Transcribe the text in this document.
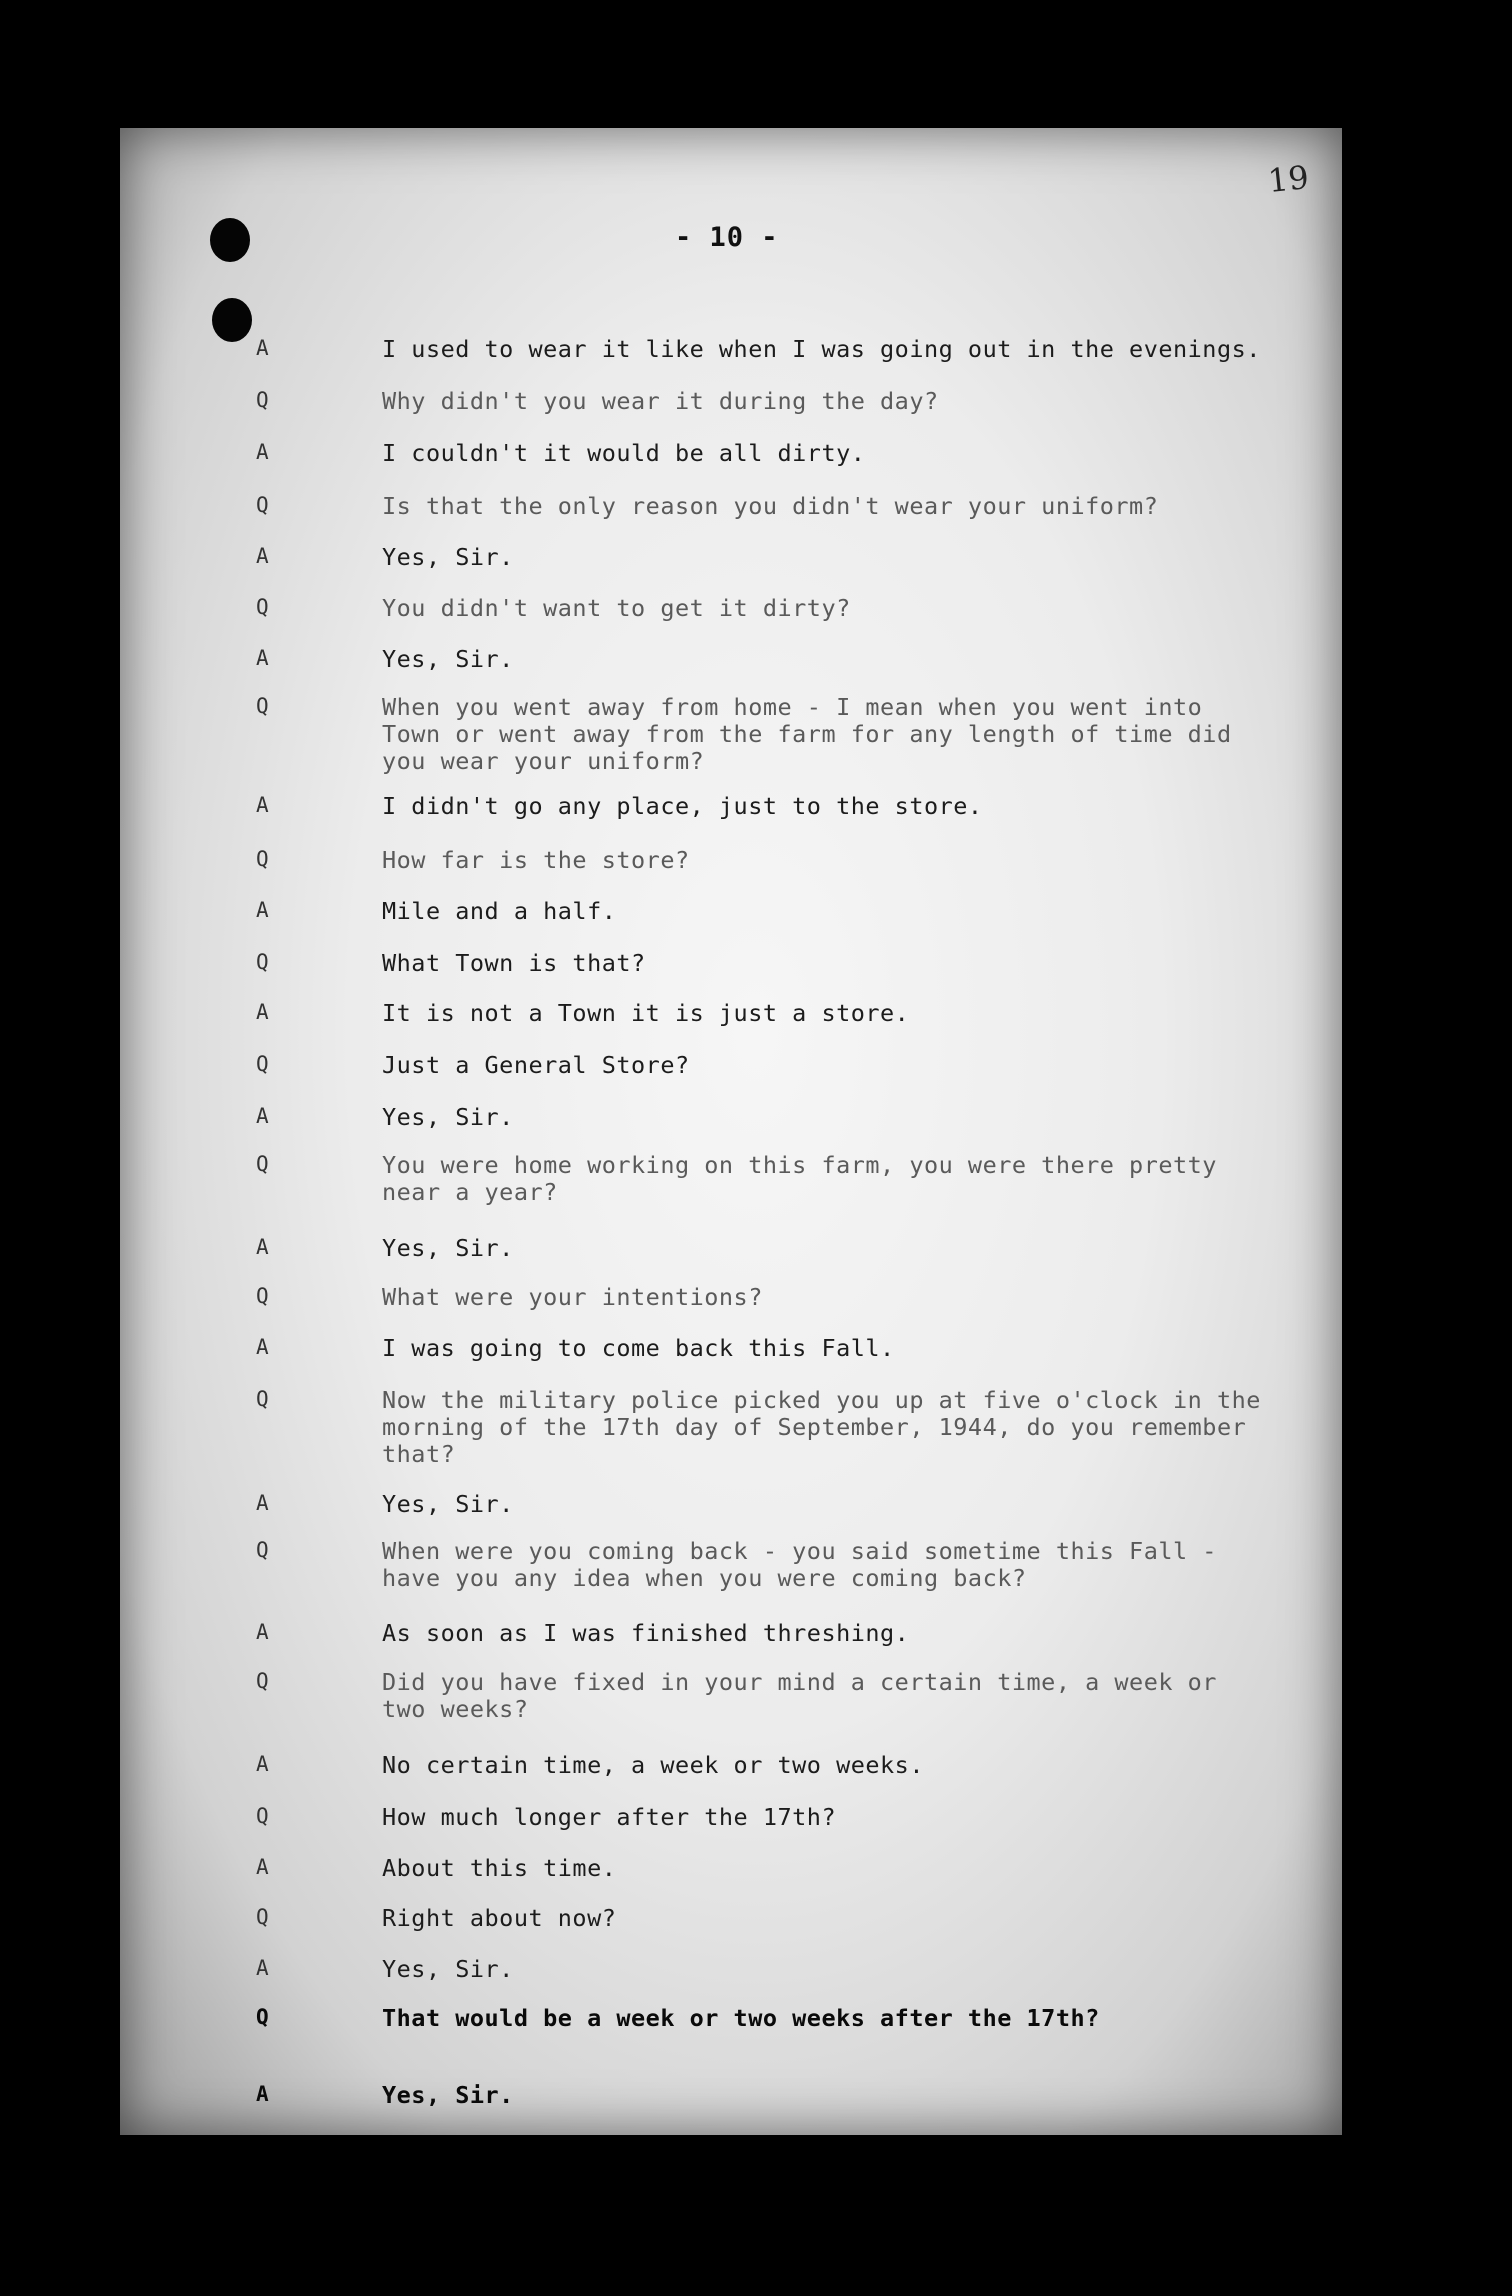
19
- 10 -
A	I used to wear it like when I was going out in the evenings.
Q	Why didn't you wear it during the day?
A	I couldn't it would be all dirty.
Q	Is that the only reason you didn't wear your uniform?
A	Yes, Sir.
Q	You didn't want to get it dirty?
A	Yes, Sir.
Q	When you went away from home - I mean when you went into
Town or went away from the farm for any length of time did
you wear your uniform?
A	I didn't go any place, just to the store.
Q	How far is the store?
A	Mile and a half.
Q	What Town is that?
A	It is not a Town it is just a store.
Q	Just a General Store?
A	Yes, Sir.
Q	You were home working on this farm, you were there pretty
near a year?
A	Yes, Sir.
Q	What were your intentions?
A	I was going to come back this Fall.
Q	Now the military police picked you up at five o'clock in the
morning of the 17th day of September, 1944, do you remember
that?
A	Yes, Sir.
Q	When were you coming back - you said sometime this Fall -
have you any idea when you were coming back?
A	As soon as I was finished threshing.
Q	Did you have fixed in your mind a certain time, a week or
two weeks?
A	No certain time, a week or two weeks.
Q	How much longer after the 17th?
A	About this time.
Q	Right about now?
A	Yes, Sir.
Q	That would be a week or two weeks after the 17th?
A	Yes, Sir.
